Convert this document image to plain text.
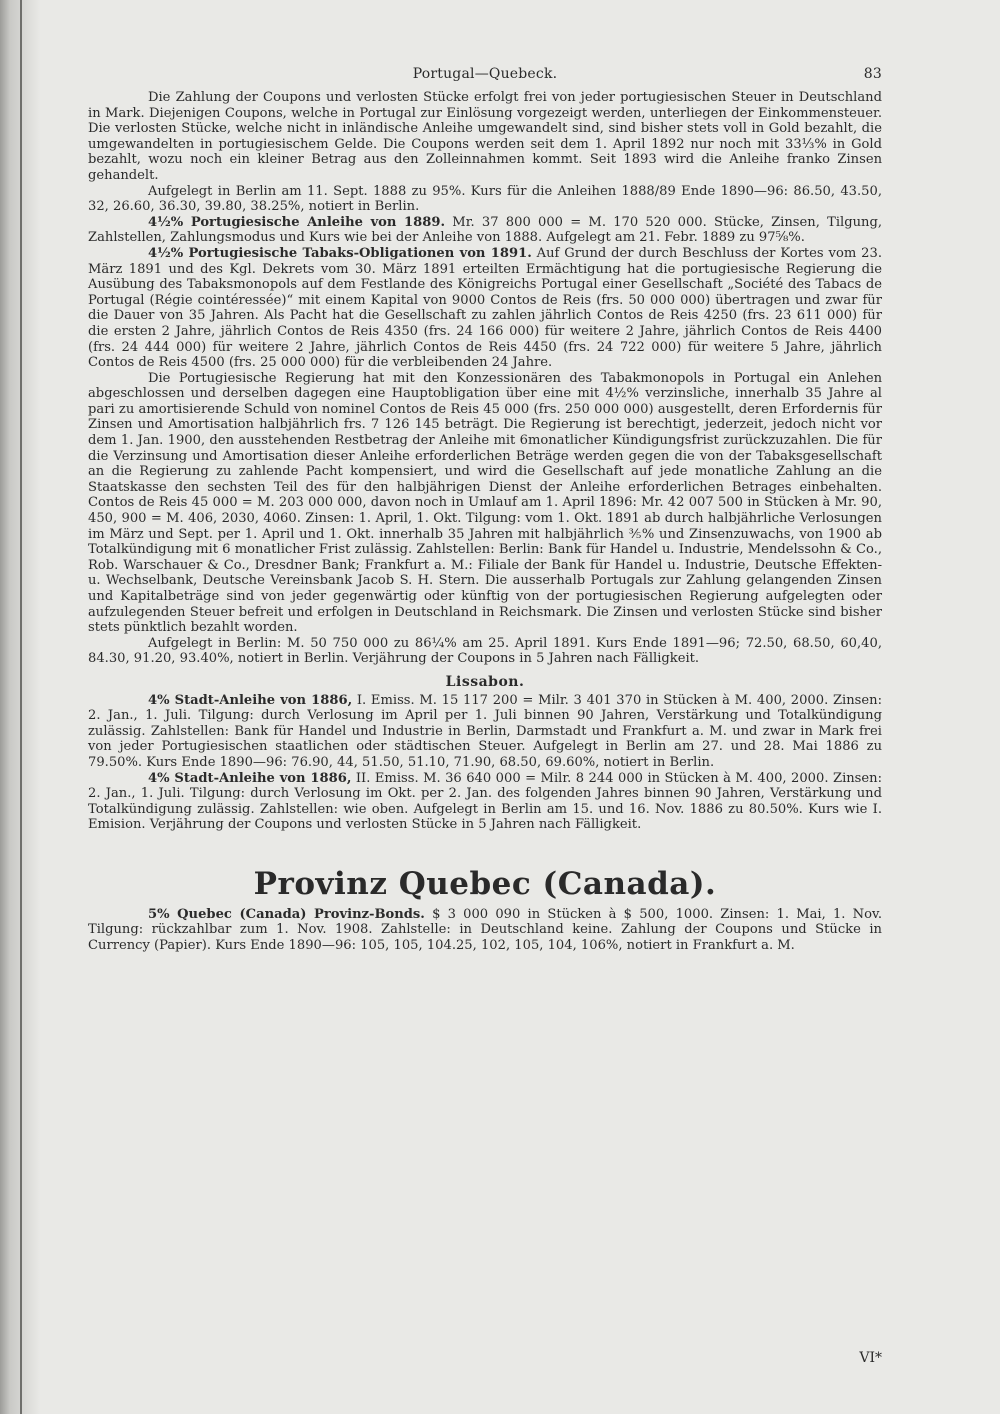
Portugal—Quebeck.	83

Die Zahlung der Coupons und verlosten Stücke erfolgt frei von jeder portugiesischen Steuer in Deutschland in Mark. Diejenigen Coupons, welche in Portugal zur Einlösung vorgezeigt werden, unterliegen der Einkommensteuer. Die verlosten Stücke, welche nicht in inländische Anleihe umgewandelt sind, sind bisher stets voll in Gold bezahlt, die umgewandelten in portugiesischem Gelde. Die Coupons werden seit dem 1. April 1892 nur noch mit 33⅓% in Gold bezahlt, wozu noch ein kleiner Betrag aus den Zolleinnahmen kommt. Seit 1893 wird die Anleihe franko Zinsen gehandelt.

Aufgelegt in Berlin am 11. Sept. 1888 zu 95%. Kurs für die Anleihen 1888/89 Ende 1890—96: 86.50, 43.50, 32, 26.60, 36.30, 39.80, 38.25%, notiert in Berlin.

4½% Portugiesische Anleihe von 1889. Mr. 37 800 000 = M. 170 520 000. Stücke, Zinsen, Tilgung, Zahlstellen, Zahlungsmodus und Kurs wie bei der Anleihe von 1888. Aufgelegt am 21. Febr. 1889 zu 97⅝%.

4½% Portugiesische Tabaks-Obligationen von 1891. Auf Grund der durch Beschluss der Kortes vom 23. März 1891 und des Kgl. Dekrets vom 30. März 1891 erteilten Ermächtigung hat die portugiesische Regierung die Ausübung des Tabaksmonopols auf dem Festlande des Königreichs Portugal einer Gesellschaft „Société des Tabacs de Portugal (Régie cointéressée)“ mit einem Kapital von 9000 Contos de Reis (frs. 50 000 000) übertragen und zwar für die Dauer von 35 Jahren. Als Pacht hat die Gesellschaft zu zahlen jährlich Contos de Reis 4250 (frs. 23 611 000) für die ersten 2 Jahre, jährlich Contos de Reis 4350 (frs. 24 166 000) für weitere 2 Jahre, jährlich Contos de Reis 4400 (frs. 24 444 000) für weitere 2 Jahre, jährlich Contos de Reis 4450 (frs. 24 722 000) für weitere 5 Jahre, jährlich Contos de Reis 4500 (frs. 25 000 000) für die verbleibenden 24 Jahre.

Die Portugiesische Regierung hat mit den Konzessionären des Tabakmonopols in Portugal ein Anlehen abgeschlossen und derselben dagegen eine Hauptobligation über eine mit 4½% verzinsliche, innerhalb 35 Jahre al pari zu amortisierende Schuld von nominel Contos de Reis 45 000 (frs. 250 000 000) ausgestellt, deren Erfordernis für Zinsen und Amortisation halbjährlich frs. 7 126 145 beträgt. Die Regierung ist berechtigt, jederzeit, jedoch nicht vor dem 1. Jan. 1900, den ausstehenden Restbetrag der Anleihe mit 6monatlicher Kündigungsfrist zurückzuzahlen. Die für die Verzinsung und Amortisation dieser Anleihe erforderlichen Beträge werden gegen die von der Tabaksgesellschaft an die Regierung zu zahlende Pacht kompensiert, und wird die Gesellschaft auf jede monatliche Zahlung an die Staatskasse den sechsten Teil des für den halbjährigen Dienst der Anleihe erforderlichen Betrages einbehalten. Contos de Reis 45 000 = M. 203 000 000, davon noch in Umlauf am 1. April 1896: Mr. 42 007 500 in Stücken à Mr. 90, 450, 900 = M. 406, 2030, 4060. Zinsen: 1. April, 1. Okt. Tilgung: vom 1. Okt. 1891 ab durch halbjährliche Verlosungen im März und Sept. per 1. April und 1. Okt. innerhalb 35 Jahren mit halbjährlich ⅗% und Zinsenzuwachs, von 1900 ab Totalkündigung mit 6 monatlicher Frist zulässig. Zahlstellen: Berlin: Bank für Handel u. Industrie, Mendelssohn & Co., Rob. Warschauer & Co., Dresdner Bank; Frankfurt a. M.: Filiale der Bank für Handel u. Industrie, Deutsche Effekten- u. Wechselbank, Deutsche Vereinsbank Jacob S. H. Stern. Die ausserhalb Portugals zur Zahlung gelangenden Zinsen und Kapitalbeträge sind von jeder gegenwärtig oder künftig von der portugiesischen Regierung aufgelegten oder aufzulegenden Steuer befreit und erfolgen in Deutschland in Reichsmark. Die Zinsen und verlosten Stücke sind bisher stets pünktlich bezahlt worden.

Aufgelegt in Berlin: M. 50 750 000 zu 86¼% am 25. April 1891. Kurs Ende 1891—96; 72.50, 68.50, 60,40, 84.30, 91.20, 93.40%, notiert in Berlin. Verjährung der Coupons in 5 Jahren nach Fälligkeit.

Lissabon.

4% Stadt-Anleihe von 1886, I. Emiss. M. 15 117 200 = Milr. 3 401 370 in Stücken à M. 400, 2000. Zinsen: 2. Jan., 1. Juli. Tilgung: durch Verlosung im April per 1. Juli binnen 90 Jahren, Verstärkung und Totalkündigung zulässig. Zahlstellen: Bank für Handel und Industrie in Berlin, Darmstadt und Frankfurt a. M. und zwar in Mark frei von jeder Portugiesischen staatlichen oder städtischen Steuer. Aufgelegt in Berlin am 27. und 28. Mai 1886 zu 79.50%. Kurs Ende 1890—96: 76.90, 44, 51.50, 51.10, 71.90, 68.50, 69.60%, notiert in Berlin.

4% Stadt-Anleihe von 1886, II. Emiss. M. 36 640 000 = Milr. 8 244 000 in Stücken à M. 400, 2000. Zinsen: 2. Jan., 1. Juli. Tilgung: durch Verlosung im Okt. per 2. Jan. des folgenden Jahres binnen 90 Jahren, Verstärkung und Totalkündigung zulässig. Zahlstellen: wie oben. Aufgelegt in Berlin am 15. und 16. Nov. 1886 zu 80.50%. Kurs wie I. Emision. Verjährung der Coupons und verlosten Stücke in 5 Jahren nach Fälligkeit.

Provinz Quebec (Canada).

5% Quebec (Canada) Provinz-Bonds. $ 3 000 090 in Stücken à $ 500, 1000. Zinsen: 1. Mai, 1. Nov. Tilgung: rückzahlbar zum 1. Nov. 1908. Zahlstelle: in Deutschland keine. Zahlung der Coupons und Stücke in Currency (Papier). Kurs Ende 1890—96: 105, 105, 104.25, 102, 105, 104, 106%, notiert in Frankfurt a. M.

VI*
